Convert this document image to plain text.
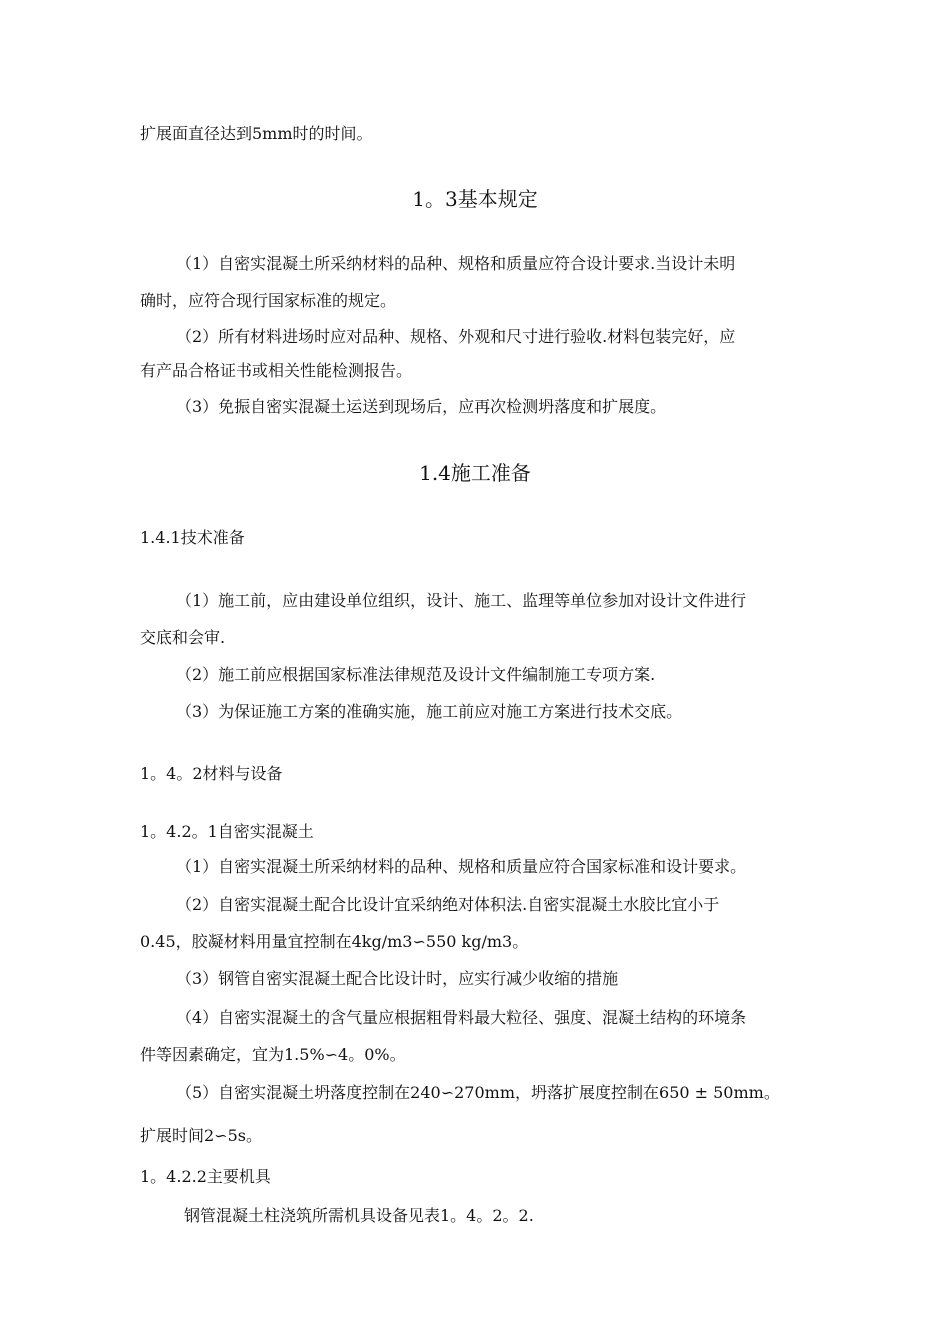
扩展面直径达到5mm时的时间。
1。3基本规定
（1）自密实混凝土所采纳材料的品种、规格和质量应符合设计要求.当设计未明
确时，应符合现行国家标准的规定。
（2）所有材料进场时应对品种、规格、外观和尺寸进行验收.材料包装完好，应
有产品合格证书或相关性能检测报告。
（3）免振自密实混凝土运送到现场后，应再次检测坍落度和扩展度。
1.4施工准备
1.4.1技术准备
（1）施工前，应由建设单位组织，设计、施工、监理等单位参加对设计文件进行
交底和会审.
（2）施工前应根据国家标准法律规范及设计文件编制施工专项方案.
（3）为保证施工方案的准确实施，施工前应对施工方案进行技术交底。
1。4。2材料与设备
1。4.2。1自密实混凝土
（1）自密实混凝土所采纳材料的品种、规格和质量应符合国家标准和设计要求。
（2）自密实混凝土配合比设计宜采纳绝对体积法.自密实混凝土水胶比宜小于
0.45，胶凝材料用量宜控制在4kg/m3∽550 kg/m3。
（3）钢管自密实混凝土配合比设计时，应实行减少收缩的措施
（4）自密实混凝土的含气量应根据粗骨料最大粒径、强度、混凝土结构的环境条
件等因素确定，宜为1.5%∽4。0%。
（5）自密实混凝土坍落度控制在240∽270mm，坍落扩展度控制在650 ± 50mm。
扩展时间2∽5s。
1。4.2.2主要机具
钢管混凝土柱浇筑所需机具设备见表1。4。2。2.
